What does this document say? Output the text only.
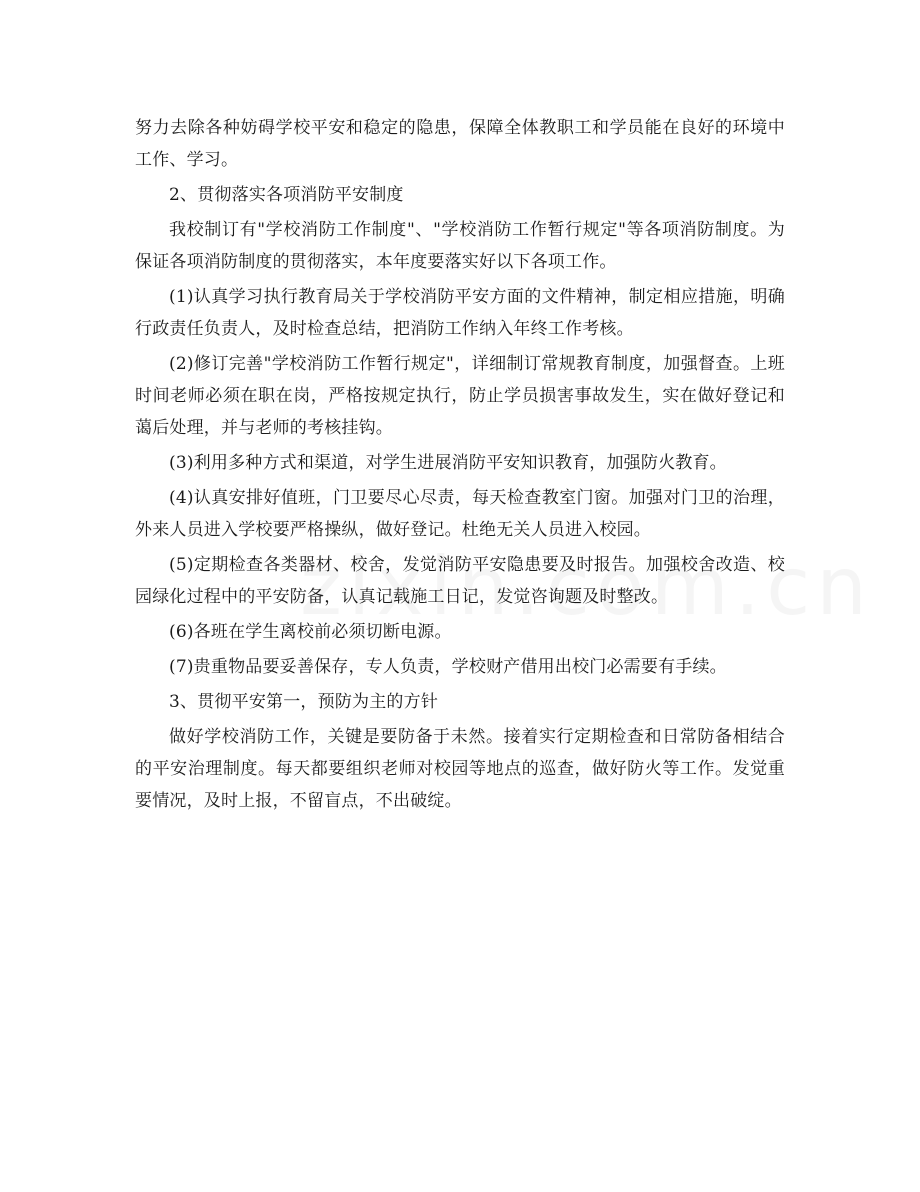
努力去除各种妨碍学校平安和稳定的隐患，保障全体教职工和学员能在良好的环境中工作、学习。

2、贯彻落实各项消防平安制度

我校制订有"学校消防工作制度"、"学校消防工作暂行规定"等各项消防制度。为保证各项消防制度的贯彻落实，本年度要落实好以下各项工作。

(1)认真学习执行教育局关于学校消防平安方面的文件精神，制定相应措施，明确行政责任负责人，及时检查总结，把消防工作纳入年终工作考核。

(2)修订完善"学校消防工作暂行规定"，详细制订常规教育制度，加强督查。上班时间老师必须在职在岗，严格按规定执行，防止学员损害事故发生，实在做好登记和蔼后处理，并与老师的考核挂钩。

(3)利用多种方式和渠道，对学生进展消防平安知识教育，加强防火教育。

(4)认真安排好值班，门卫要尽心尽责，每天检查教室门窗。加强对门卫的治理，外来人员进入学校要严格操纵，做好登记。杜绝无关人员进入校园。

(5)定期检查各类器材、校舍，发觉消防平安隐患要及时报告。加强校舍改造、校园绿化过程中的平安防备，认真记载施工日记，发觉咨询题及时整改。

(6)各班在学生离校前必须切断电源。

(7)贵重物品要妥善保存，专人负责，学校财产借用出校门必需要有手续。

3、贯彻平安第一，预防为主的方针

做好学校消防工作，关键是要防备于未然。接着实行定期检查和日常防备相结合的平安治理制度。每天都要组织老师对校园等地点的巡查，做好防火等工作。发觉重要情况，及时上报，不留盲点，不出破绽。
